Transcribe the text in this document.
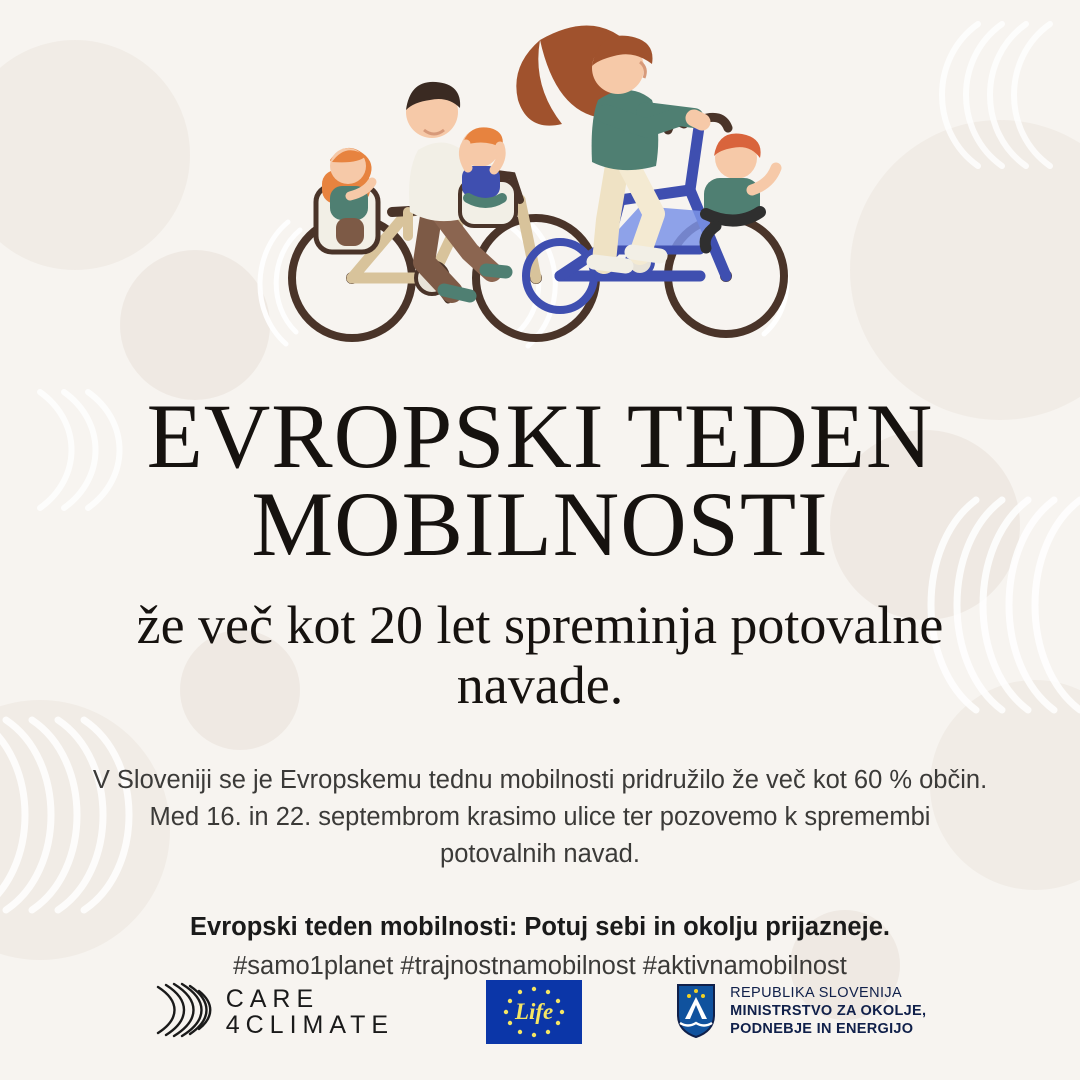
EVROPSKI TEDEN MOBILNOSTI
že več kot 20 let spreminja potovalne navade.

V Sloveniji se je Evropskemu tednu mobilnosti pridružilo že več kot 60 % občin. Med 16. in 22. septembrom krasimo ulice ter pozovemo k spremembi potovalnih navad.

Evropski teden mobilnosti: Potuj sebi in okolju prijazneje.

#samo1planet #trajnostnamobilnost #aktivnamobilnost

CARE
4CLIMATE	Life
REPUBLIKA SLOVENIJA
MINISTRSTVO ZA OKOLJE,
PODNEBJE IN ENERGIJO
